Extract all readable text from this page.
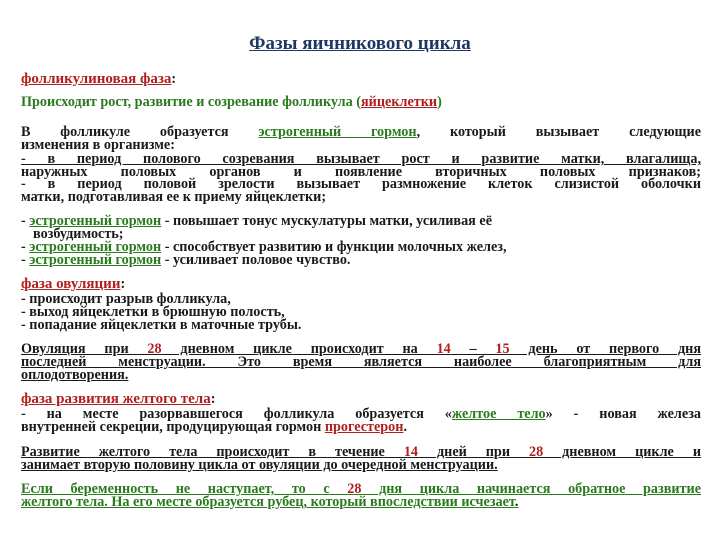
Фазы яичникового цикла
фолликулиновая фаза:
Происходит рост, развитие и созревание фолликула (яйцеклетки)
В фолликуле образуется эстрогенный гормон, который вызывает следующие
изменения в организме:
- в период полового созревания вызывает рост и развитие матки, влагалища,
наружных половых органов и появление вторичных половых признаков;
- в период половой зрелости вызывает размножение клеток слизистой оболочки
матки, подготавливая ее к приему яйцеклетки;
- эстрогенный гормон - повышает тонус мускулатуры матки, усиливая её
возбудимость;
- эстрогенный гормон - способствует развитию и функции молочных желез,
- эстрогенный гормон - усиливает половое чувство.
фаза овуляции:
- происходит разрыв фолликула,
- выход яйцеклетки в брюшную полость,
- попадание яйцеклетки в маточные трубы.
Овуляция при 28 дневном цикле происходит на 14 – 15 день от первого дня
последней менструации. Это время является наиболее благоприятным для
оплодотворения.
фаза развития желтого тела:
- на месте разорвавшегося фолликула образуется «желтое тело» - новая железа
внутренней секреции, продуцирующая гормон прогестерон.
Развитие желтого тела происходит в течение 14 дней при 28 дневном цикле и
занимает вторую половину цикла от овуляции до очередной менструации.
Если беременность не наступает, то с 28 дня цикла начинается обратное развитие
желтого тела. На его месте образуется рубец, который впоследствии исчезает.
